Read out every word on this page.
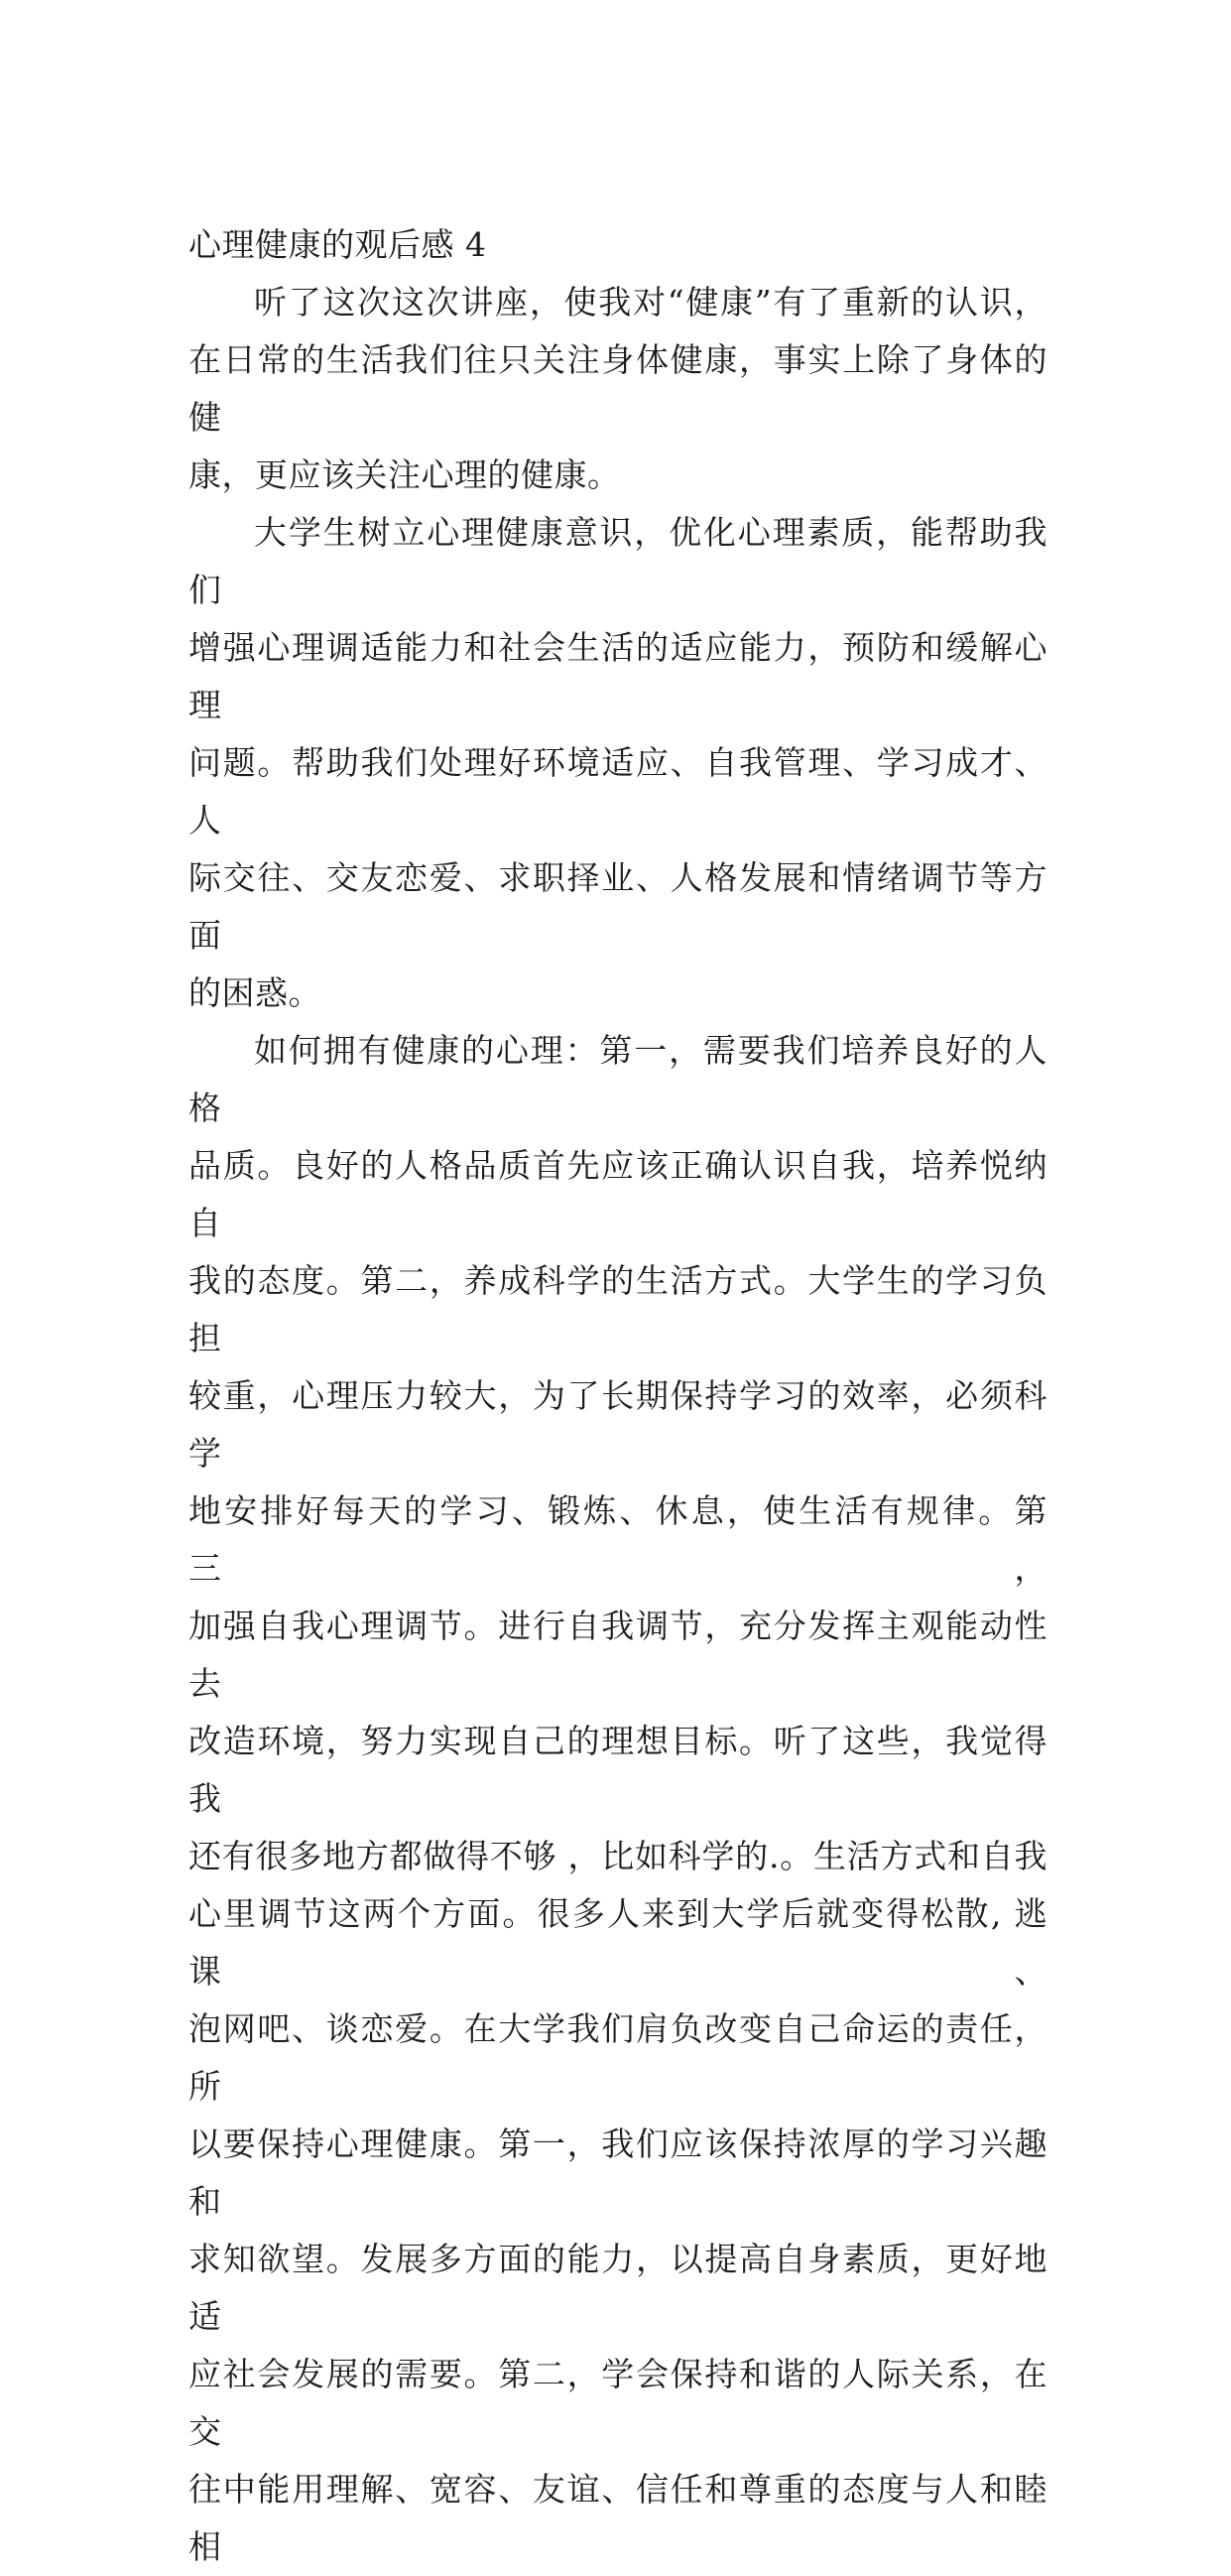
心理健康的观后感 4

听了这次这次讲座，使我对“健康”有了重新的认识，

在日常的生活我们往只关注身体健康，事实上除了身体的健

康，更应该关注心理的健康。

大学生树立心理健康意识，优化心理素质，能帮助我们

增强心理调适能力和社会生活的适应能力，预防和缓解心理

问题。帮助我们处理好环境适应、自我管理、学习成才、人

际交往、交友恋爱、求职择业、人格发展和情绪调节等方面

的困惑。

如何拥有健康的心理：第一，需要我们培养良好的人格

品质。良好的人格品质首先应该正确认识自我，培养悦纳自

我的态度。第二，养成科学的生活方式。大学生的学习负担

较重，心理压力较大，为了长期保持学习的效率，必须科学

地安排好每天的学习、锻炼、休息，使生活有规律。第三，

加强自我心理调节。进行自我调节，充分发挥主观能动性去

改造环境，努力实现自己的理想目标。听了这些，我觉得我

还有很多地方都做得不够 ，比如科学的.。生活方式和自我

心里调节这两个方面。很多人来到大学后就变得松散, 逃课、

泡网吧、谈恋爱。在大学我们肩负改变自己命运的责任，所

以要保持心理健康。第一，我们应该保持浓厚的学习兴趣和

求知欲望。发展多方面的能力，以提高自身素质，更好地适

应社会发展的需要。第二，学会保持和谐的人际关系，在交

往中能用理解、宽容、友谊、信任和尊重的态度与人和睦相
